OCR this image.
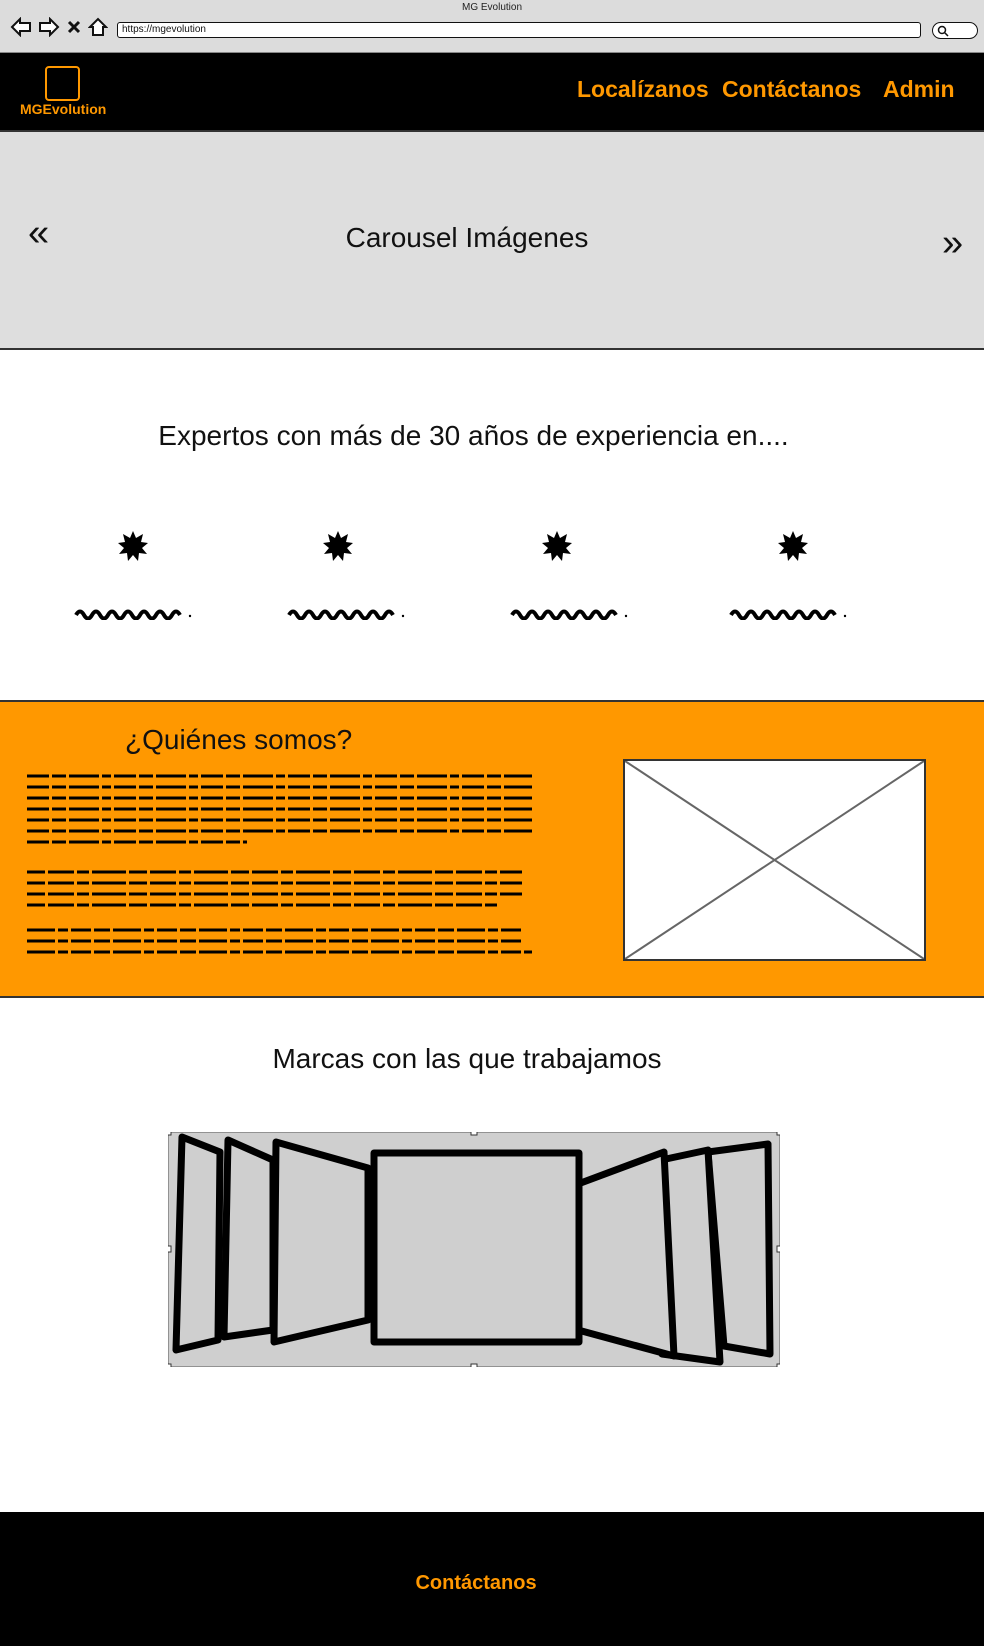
MG Evolution
https://mgevolution
MGEvolution
Localízanos Contáctanos Admin
«	Carousel Imágenes	»
Expertos con más de 30 años de experiencia en....
¿Quiénes somos?
Marcas con las que trabajamos
Contáctanos
